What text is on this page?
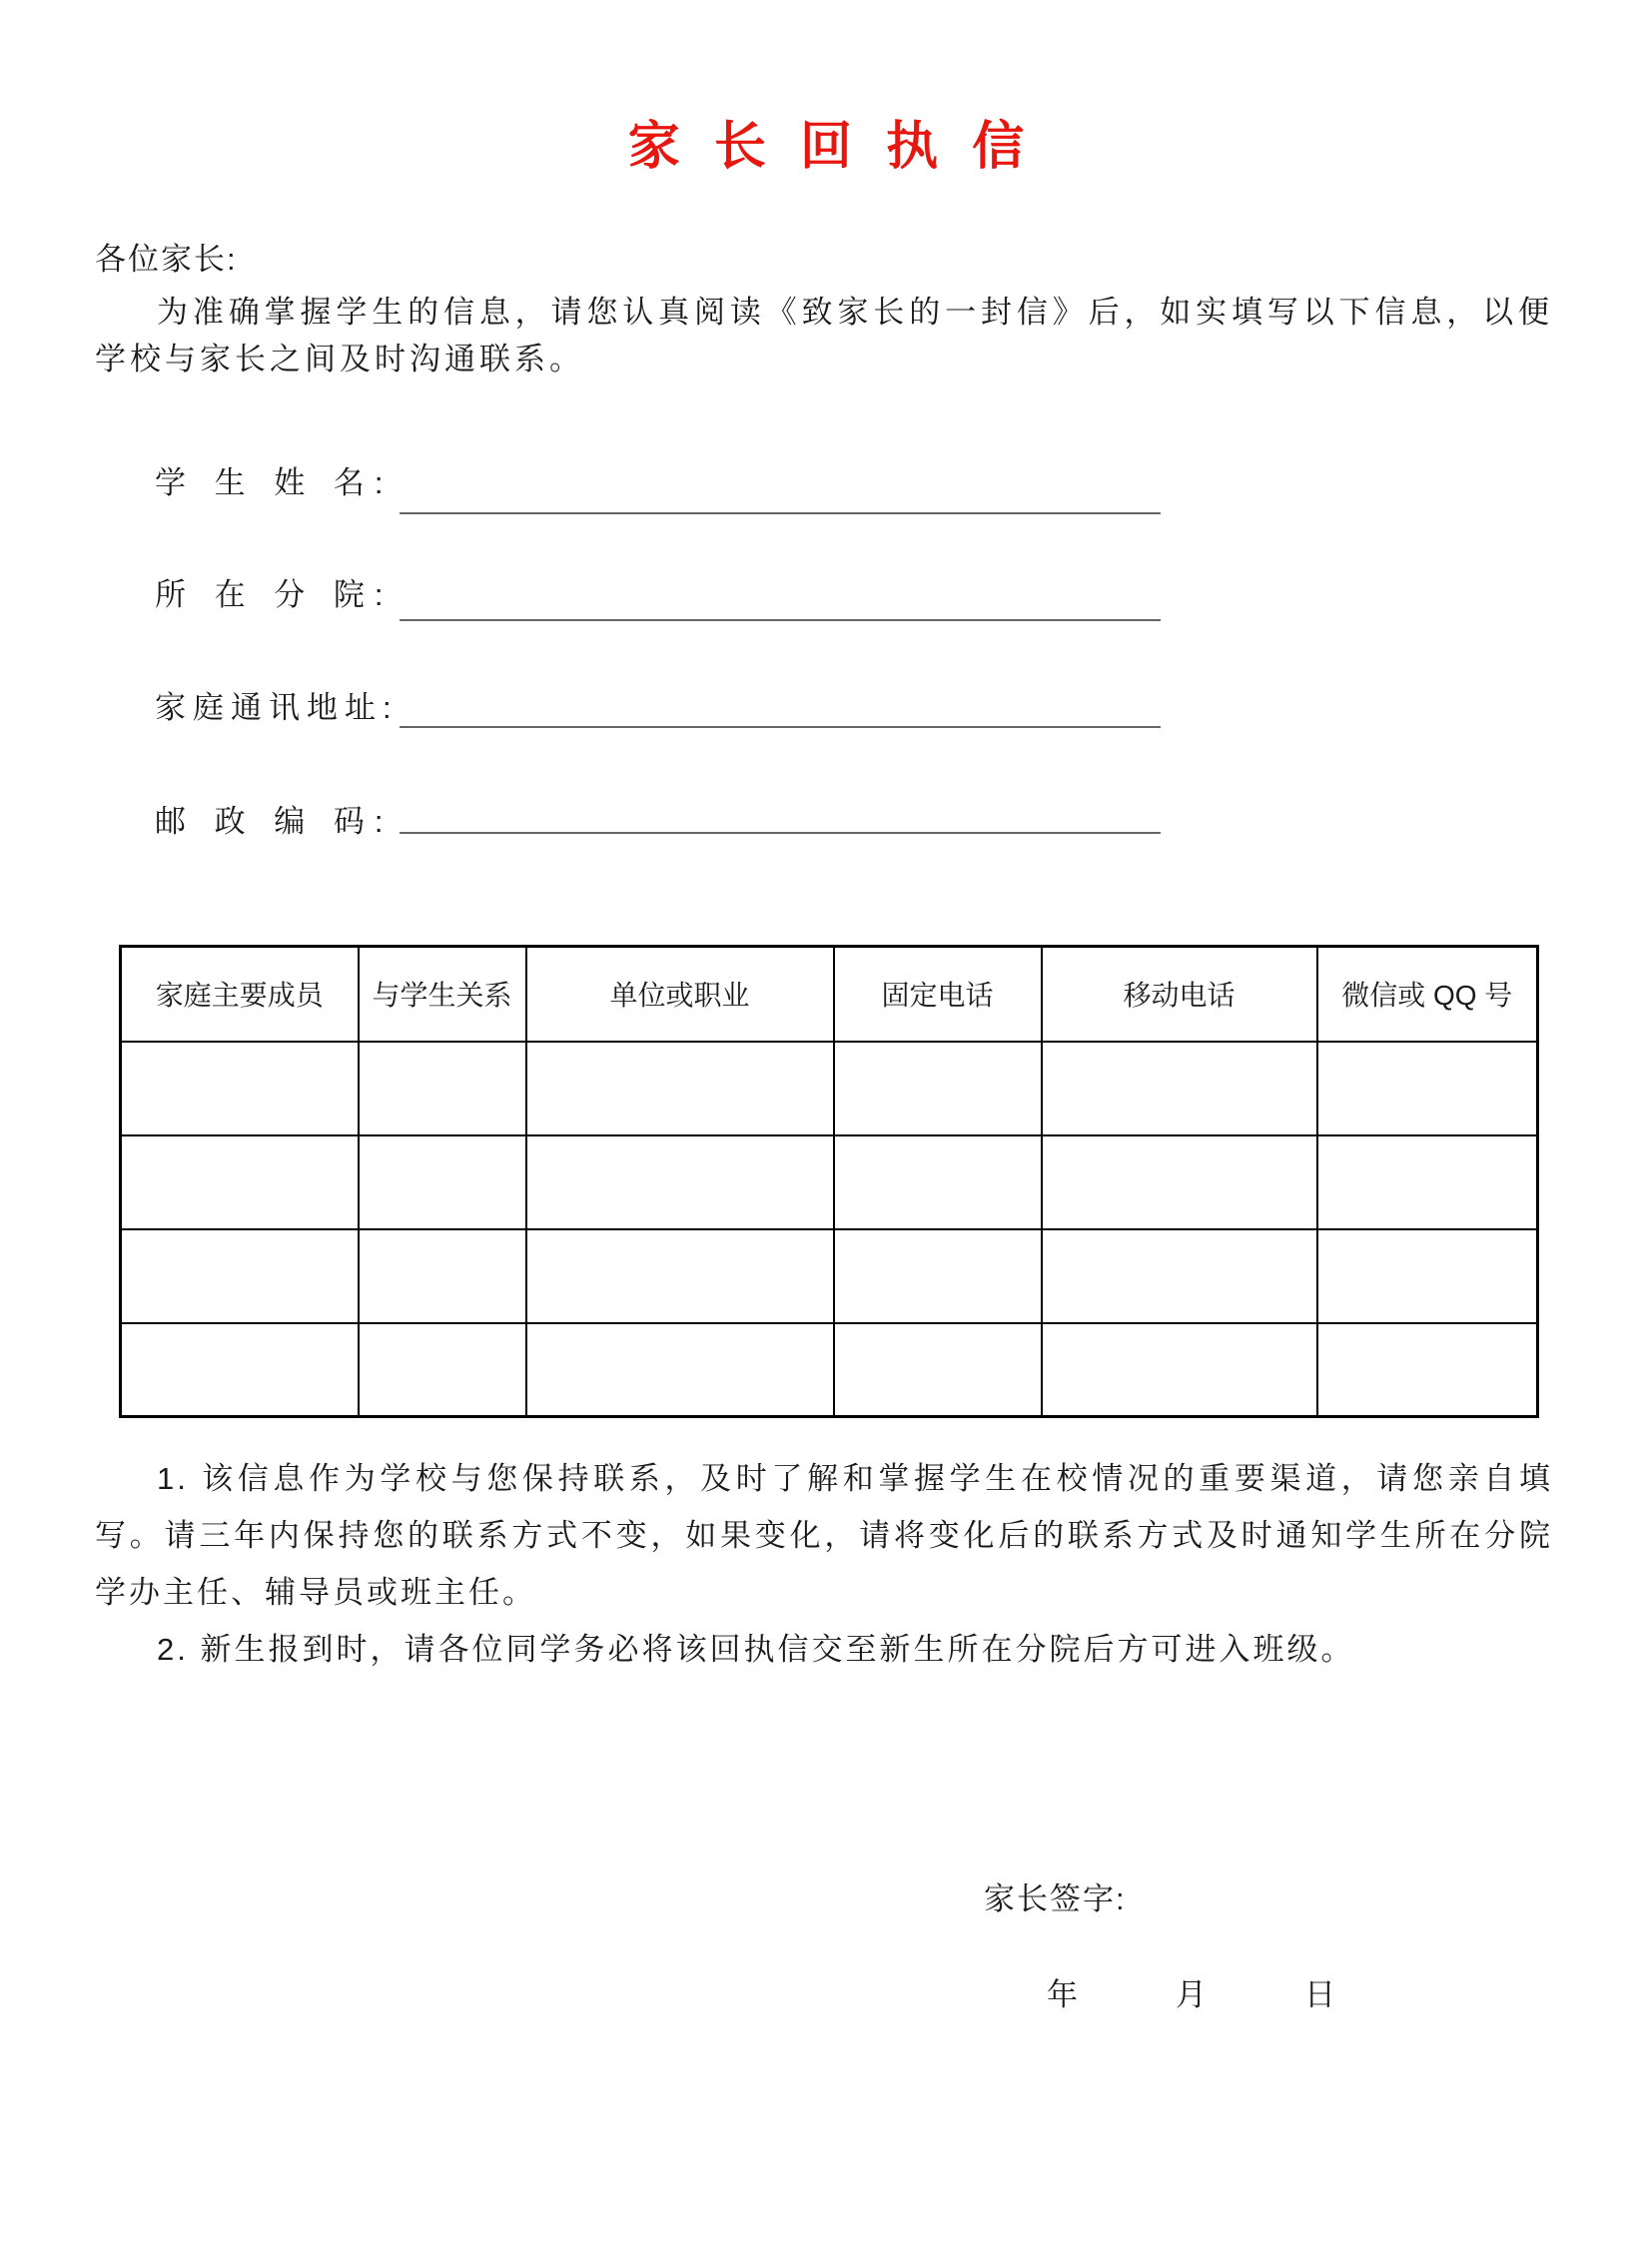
家 长 回 执 信
各位家长:
为准确掌握学生的信息，请您认真阅读《致家长的一封信》后，如实填写以下信息，以便学校与家长之间及时沟通联系。
学 生 姓 名:
所 在 分 院:
家庭通讯地址:
邮 政 编 码:
家庭主要成员	与学生关系	单位或职业	固定电话	移动电话	微信或 QQ 号

1. 该信息作为学校与您保持联系，及时了解和掌握学生在校情况的重要渠道，请您亲自填写。请三年内保持您的联系方式不变，如果变化，请将变化后的联系方式及时通知学生所在分院学办主任、辅导员或班主任。

2. 新生报到时，请各位同学务必将该回执信交至新生所在分院后方可进入班级。

家长签字:
年　　月　　日
